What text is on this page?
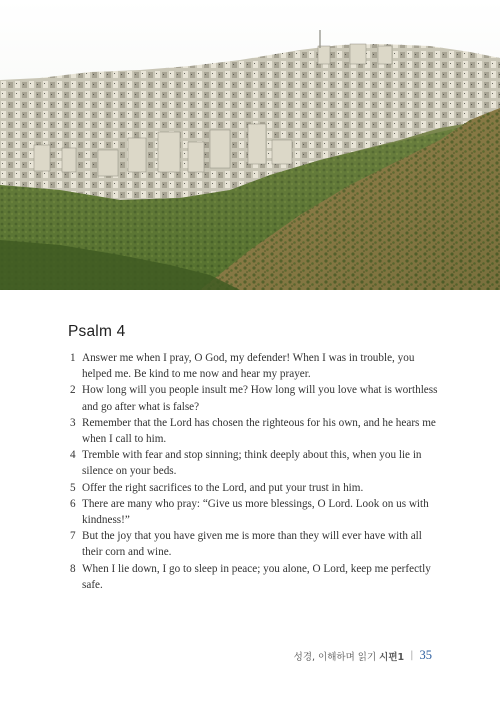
Psalm 4
1 Answer me when I pray, O God, my defender! When I was in trouble, you helped me. Be kind to me now and hear my prayer.
2 How long will you people insult me? How long will you love what is worthless and go after what is false?
3 Remember that the Lord has chosen the righteous for his own, and he hears me when I call to him.
4 Tremble with fear and stop sinning; think deeply about this, when you lie in silence on your beds.
5 Offer the right sacrifices to the Lord, and put your trust in him.
6 There are many who pray: “Give us more blessings, O Lord. Look on us with kindness!”
7 But the joy that you have given me is more than they will ever have with all their corn and wine.
8 When I lie down, I go to sleep in peace; you alone, O Lord, keep me perfectly safe.
성경, 이해하며 읽기 시편1 | 35
